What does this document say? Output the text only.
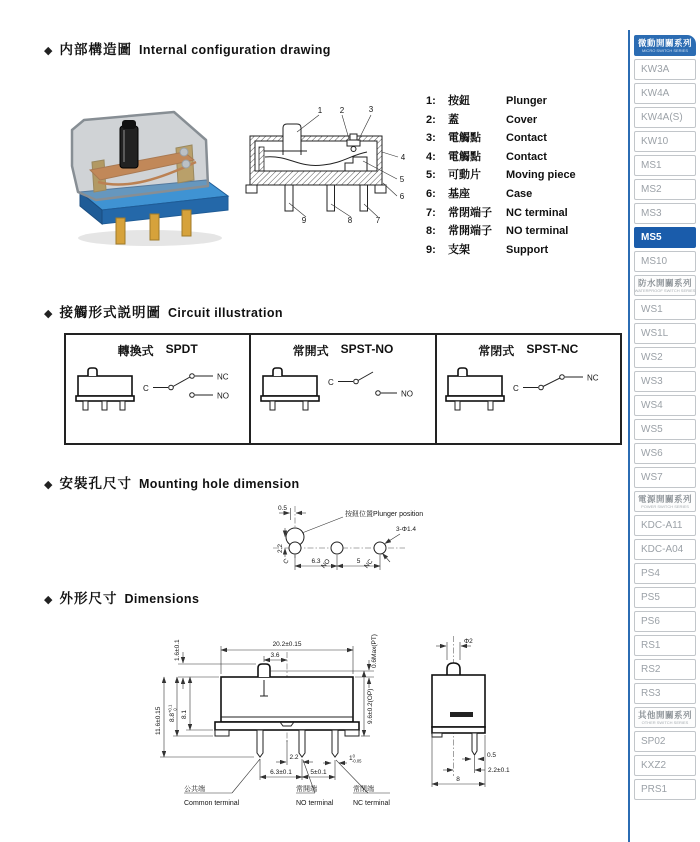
◆ 内部構造圖 Internal configuration drawing
1 2	3
4
5
6
7
8
9
1:	按鈕	Plunger
2:	蓋	Cover
3:	電觸點	Contact
4:	電觸點	Contact
5:	可動片	Moving piece
6:	基座	Case
7:	常閉端子	NC terminal
8:	常開端子	NO terminal
9:	支架	Support
◆ 接觸形式説明圖 Circuit illustration
轉換式 SPDT
C
NC
NO
常開式 SPST-NO
C
NO
常閉式 SPST-NC
C
NC
◆ 安裝孔尺寸 Mounting hole dimension
0.5
2.2
按鈕位置Plunger position
3-Φ1.4
C	NO	NC
6.3	5
◆ 外形尺寸 Dimensions
20.2±0.15
3.6
1.6±0.1	0.6Max(PT)
11.6±0.15 $8.8^{+0.1}0$
8.1	9.6±0.2(OP)
2.2
6.3±0.1	5±0.1
$1^0$ -0.05
公共端
Common terminal
常開端
NO terminal
常閉端
NC terminal
Φ2
0.5
2.2±0.1
8
微動開關系列
MICRO SWITCH SERIES
KW3A
KW4A
KW4A(S)
KW10
MS1
MS2
MS3
MS5
MS10
防水開關系列
WATERPROOF SWITCH SERIES
WS1
WS1L
WS2
WS3
WS4
WS5
WS6
WS7
電源開關系列
POWER SWITCH SERIES
KDC-A11
KDC-A04
PS4
PS5
PS6
RS1
RS2
RS3
其他開關系列
OTHER SWITCH SERIES
SP02
KXZ2
PRS1
